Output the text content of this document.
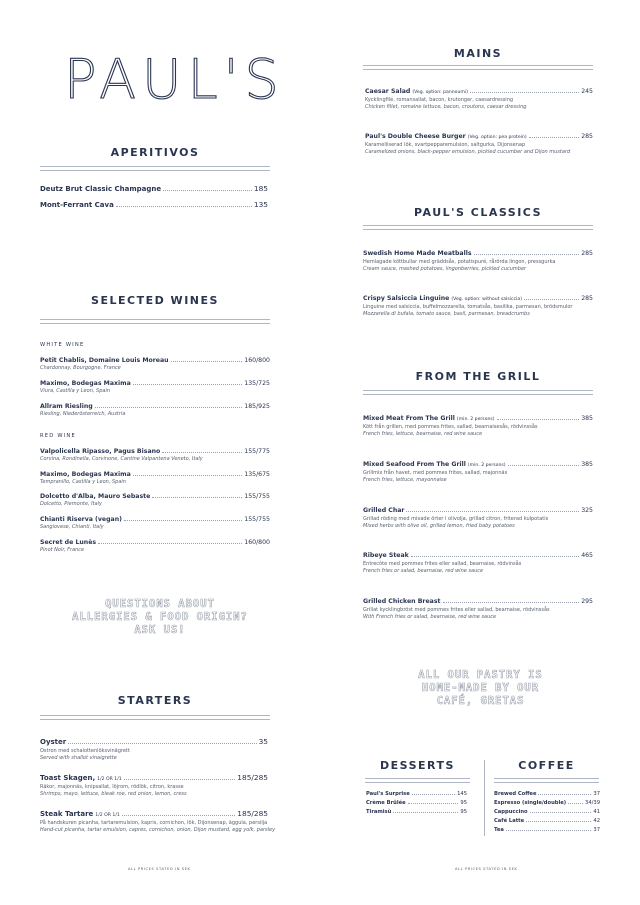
PAUL'S
APERITIVOS
Deutz Brut Classic Champagne	185
Mont-Ferrant Cava	135
SELECTED WINES
WHITE WINE
Petit Chablis, Domaine Louis Moreau	160/800
Chardonnay, Bourgogne, France
Maximo, Bodegas Maxima	135/725
Viura, Castilla y Leon, Spain
Allram Riesling	185/925
Riesling, Niederösterreich, Austria
RED WINE
Valpolicella Ripasso, Pagus Bisano	155/775
Corvina, Rondinella, Corvinone, Cantine Valpantena Veneto, Italy
Maximo, Bodegas Maxima	135/675
Tempranillo, Castilla y Leon, Spain
Dolcetto d'Alba, Mauro Sebaste	155/755
Dolcetto, Piemonte, Italy
Chianti Riserva (vegan)	155/755
Sangiovese, Chianti, Italy
Secret de Lunès	160/800
Pinot Noir, France
QUESTIONS ABOUT
ALLERGIES & FOOD ORIGIN?
ASK US!
STARTERS
Oyster	35
Ostron med schalottenlöksvinägrett
Served with shallot vinaigrette
Toast Skagen, 1/2 OR 1/1	185/285
Räkor, majonnäs, knipsallat, löjrom, rödlök, citron, krasse
Shrimps, mayo, lettuce, bleak roe, red onion, lemon, cress
Steak Tartare 1/2 OR 1/1	185/285
På handskuren picanha, tartaremulsion, kapris, cornichon, lök, Dijonsenap, äggula, persilja
Hand-cut picanha, tartar emulsion, capres, cornichon, onion, Dijon mustard, egg yolk, parsley
ALL PRICES STATED IN SEK
MAINS
Caesar Salad (Veg. option: pannoumi)	245
Kycklingfilé, romansallat, bacon, krutonger, caesardressing
Chicken fillet, romaine lettuce, bacon, croutons, caesar dressing
Paul's Double Cheese Burger (Veg. option: pea protein)	285
Karamelliserad lök, svartpepparemulsion, saltgurka, Dijonsenap
Caramelized onions, black-pepper emulsion, pickled cucumber and Dijon mustard
PAUL'S CLASSICS
Swedish Home Made Meatballs	285
Hemlagade köttbullar med gräddsås, potatispuré, rårörda lingon, pressgurka
Cream sauce, mashed potatoes, lingonberries, pickled cucumber
Crispy Salsiccia Linguine (Veg. option: without salsiccia)	285
Linguine med salsiccia, buffelmozzarella, tomatsås, basilika, parmesan, brödsmulor
Mozzarella di bufala, tomato sauce, basil, parmesan, breadcrumbs
FROM THE GRILL
Mixed Meat From The Grill (min. 2 persons)	385
Kött från grillen, med pommes frites, sallad, bearnaisesås, rödvinssås
French fries, lettuce, bearnaise, red wine sauce
Mixed Seafood From The Grill (min. 2 persons)	385
Grillmix från havet, med pommes frites, sallad, majonnäs
French fries, lettuce, mayonnaise
Grilled Char	325
Grillad röding med mixade örter i olivolja, grillad citron, friterad kulpotatis
Mixed herbs with olive oil, grilled lemon, fried baby potatoes
Ribeye Steak	465
Entrecôte med pommes frites eller sallad, bearnaise, rödvinsås
French fries or salad, bearnaise, red wine sauce
Grilled Chicken Breast	295
Grillat kycklingbröst med pommes frites eller sallad, bearnaise, rödvinssås
With French fries or salad, bearnaise, red wine sauce
ALL OUR PASTRY IS
HOME-MADE BY OUR
CAFÉ, GRETAS
DESSERTS
Paul's Surprise	145
Crème Brûlée	95
Tiramisù	95
COFFEE
Brewed Coffee	37
Espresso (single/double)	34/39
Cappuccino	41
Café Latte	42
Tea	37
ALL PRICES STATED IN SEK
